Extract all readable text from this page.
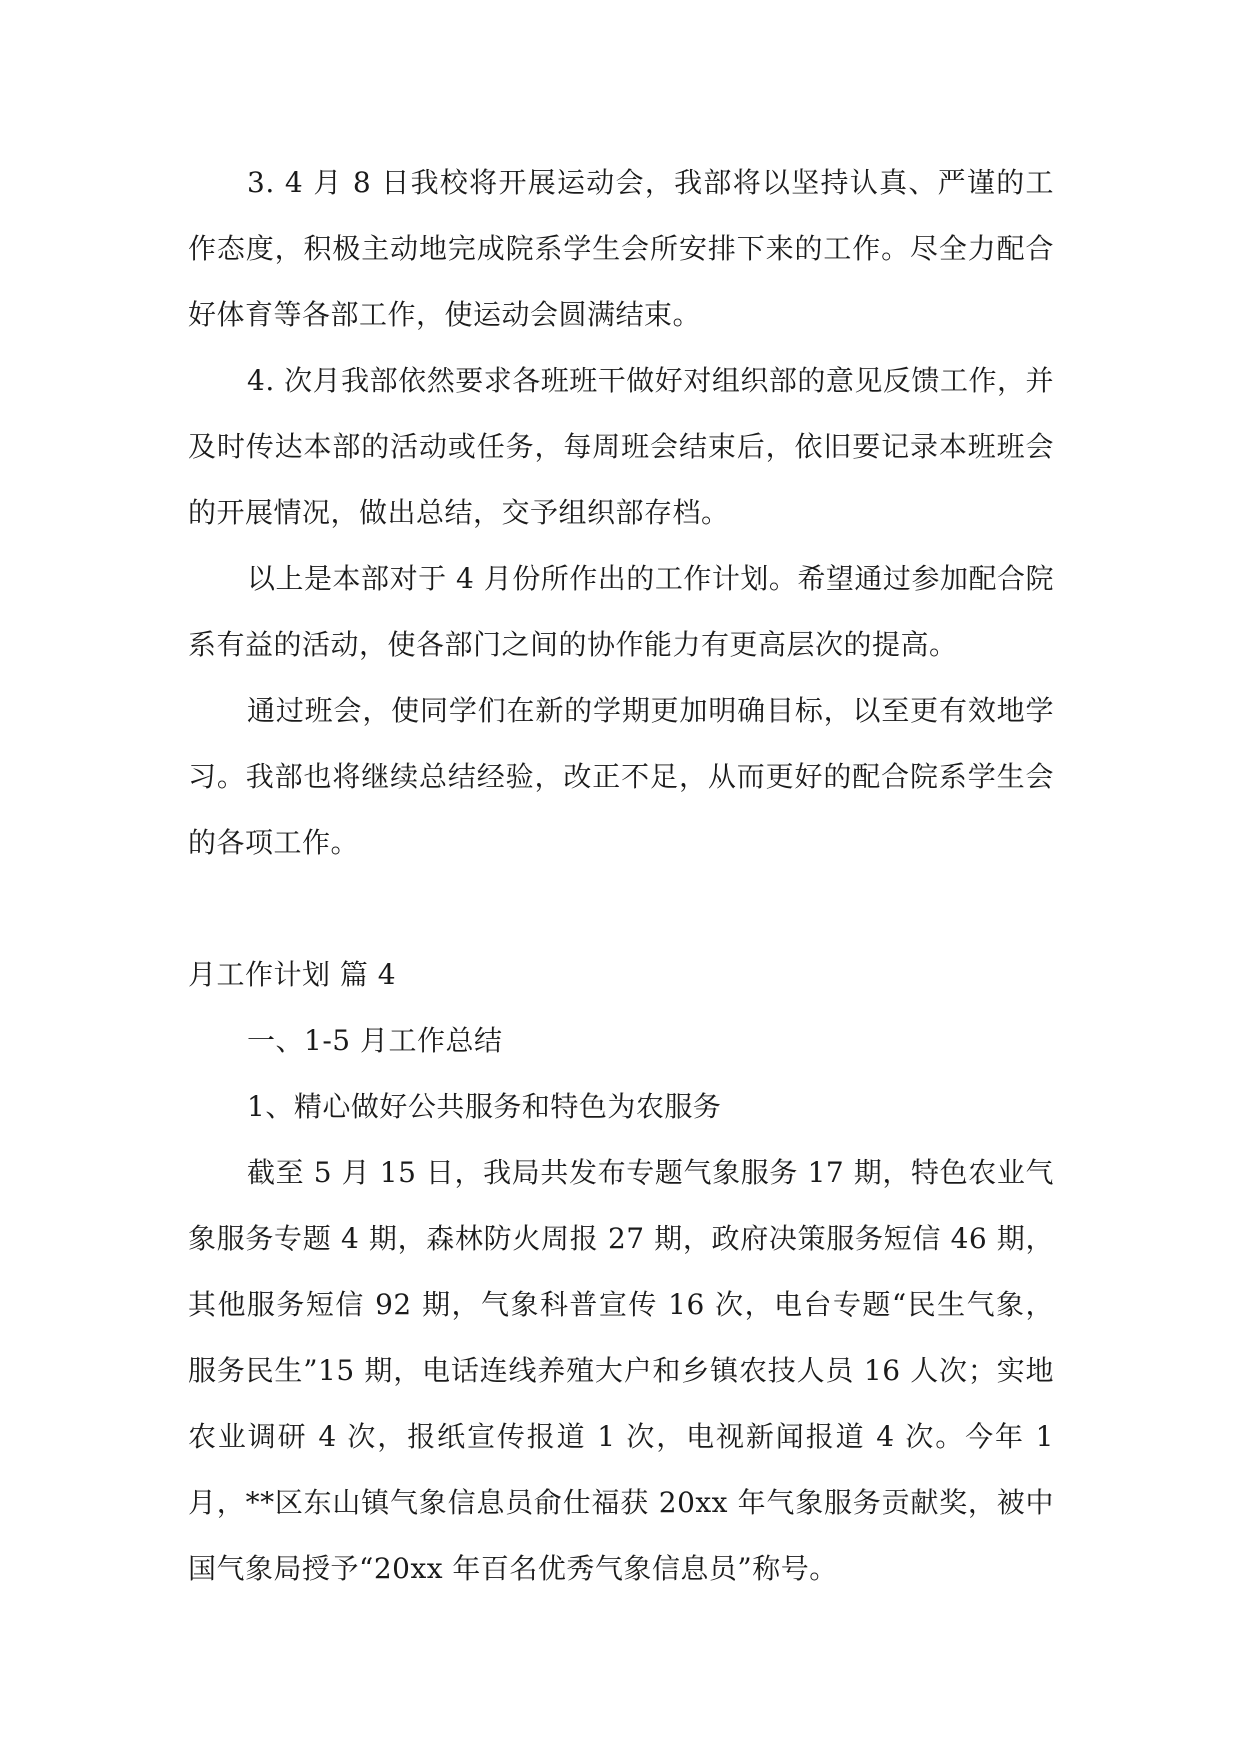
3. 4 月 8 日我校将开展运动会，我部将以坚持认真、严谨的工作态度，积极主动地完成院系学生会所安排下来的工作。尽全力配合好体育等各部工作，使运动会圆满结束。

4. 次月我部依然要求各班班干做好对组织部的意见反馈工作，并及时传达本部的活动或任务，每周班会结束后，依旧要记录本班班会的开展情况，做出总结，交予组织部存档。

以上是本部对于 4 月份所作出的工作计划。希望通过参加配合院系有益的活动，使各部门之间的协作能力有更高层次的提高。

通过班会，使同学们在新的学期更加明确目标，以至更有效地学习。我部也将继续总结经验，改正不足，从而更好的配合院系学生会的各项工作。

月工作计划 篇 4

一、1-5 月工作总结

1、精心做好公共服务和特色为农服务

截至 5 月 15 日，我局共发布专题气象服务 17 期，特色农业气象服务专题 4 期，森林防火周报 27 期，政府决策服务短信 46 期，其他服务短信 92 期，气象科普宣传 16 次，电台专题“民生气象，服务民生”15 期，电话连线养殖大户和乡镇农技人员 16 人次；实地农业调研 4 次，报纸宣传报道 1 次，电视新闻报道 4 次。今年 1 月，**区东山镇气象信息员俞仕福获 20xx 年气象服务贡献奖，被中国气象局授予“20xx 年百名优秀气象信息员”称号。
